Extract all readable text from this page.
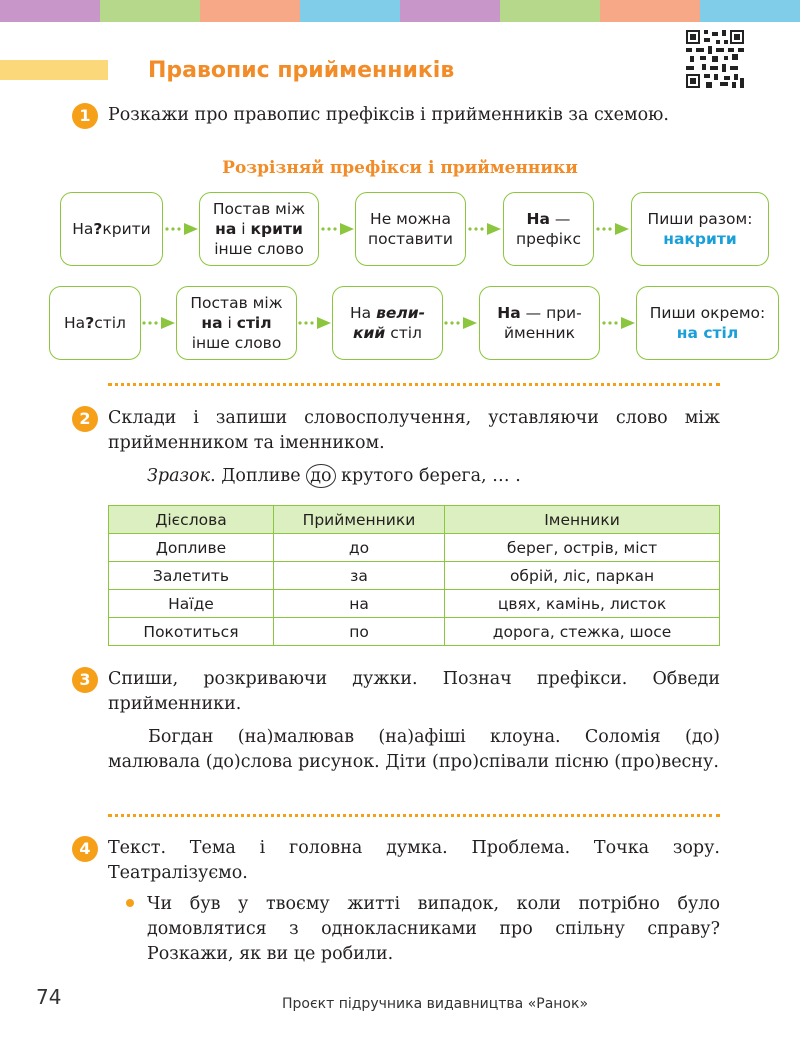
Правопис прийменників
1 Розкажи про правопис префіксів і прийменників за схемою.
Розрізняй префікси і прийменники
На?крити
Постав між
на і крити
інше слово
Не можна
поставити
На —
префікс
Пиши разом:
накрити
На?стіл
Постав між
на і стіл
інше слово
На вели-
кий стіл
На — при-
йменник
Пиши окремо:
на стіл
2 Склади і запиши словосполучення, уставляючи слово між прийменником та іменником.
Зразок. Допливе до крутого берега, … .
Дієслова	Прийменники	Іменники
Допливе	до	берег, острів, міст
Залетить	за	обрій, ліс, паркан
Наїде	на	цвях, камінь, листок
Покотиться	по	дорога, стежка, шосе
3 Спиши, розкриваючи дужки. Познач префікси. Обведи прийменники.
Богдан (на)малював (на)афіші клоуна. Соломія (до) малювала (до)слова рисунок. Діти (про)співали пісню (про)весну.
4 Текст. Тема і головна думка. Проблема. Точка зору. Театралізуємо.
Чи був у твоєму житті випадок, коли потрібно було домовлятися з однокласниками про спільну справу? Розкажи, як ви це робили.
74	Проєкт підручника видавництва «Ранок»
